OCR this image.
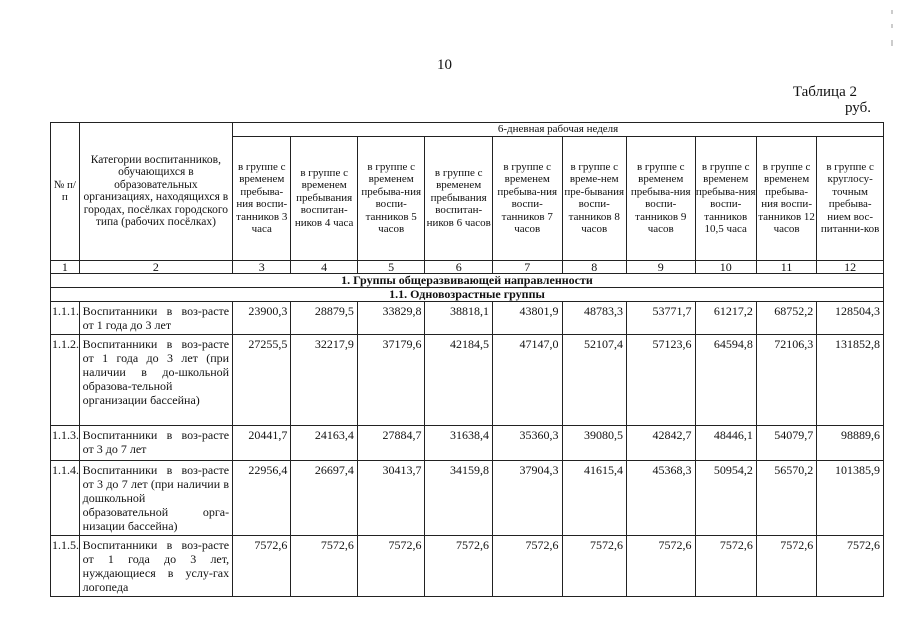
10
Таблица 2
руб.
№ п/п	Категории воспитанников, обучающихся в образовательных организациях, находящихся в городах, посёлках городского типа (рабочих посёлках)	6-дневная рабочая неделя									
		в группе с временем пребыва-ния воспи-танников 3 часа	в группе с временем пребывания воспитан-ников 4 часа	в группе с временем пребыва-ния воспи-танников 5 часов	в группе с временем пребывания воспитан-ников 6 часов	в группе с временем пребыва-ния воспи-танников 7 часов	в группе с време-нем пре-бывания воспи-танников 8 часов	в группе с временем пребыва-ния воспи-танников 9 часов	в группе с временем пребыва-ния воспи-танников 10,5 часа	в группе с временем пребыва-ния воспи-танников 12 часов	в группе с круглосу-точным пребыва-нием вос-питанни-ков
1	2	3	4	5	6	7	8	9	10	11	12
1. Группы общеразвивающей направленности											
1.1. Одновозрастные группы											
1.1.1.	Воспитанники в воз-расте от 1 года до 3 лет	23900,3	28879,5	33829,8	38818,1	43801,9	48783,3	53771,7	61217,2	68752,2	128504,3
1.1.2.	Воспитанники в воз-расте от 1 года до 3 лет (при наличии в до-школьной образова-тельной организации бассейна)	27255,5	32217,9	37179,6	42184,5	47147,0	52107,4	57123,6	64594,8	72106,3	131852,8
1.1.3.	Воспитанники в воз-расте от 3 до 7 лет	20441,7	24163,4	27884,7	31638,4	35360,3	39080,5	42842,7	48446,1	54079,7	98889,6
1.1.4.	Воспитанники в воз-расте от 3 до 7 лет (при наличии в дошкольной образовательной орга-низации бассейна)	22956,4	26697,4	30413,7	34159,8	37904,3	41615,4	45368,3	50954,2	56570,2	101385,9
1.1.5.	Воспитанники в воз-расте от 1 года до 3 лет, нуждающиеся в услу-гах логопеда	7572,6	7572,6	7572,6	7572,6	7572,6	7572,6	7572,6	7572,6	7572,6	7572,6
